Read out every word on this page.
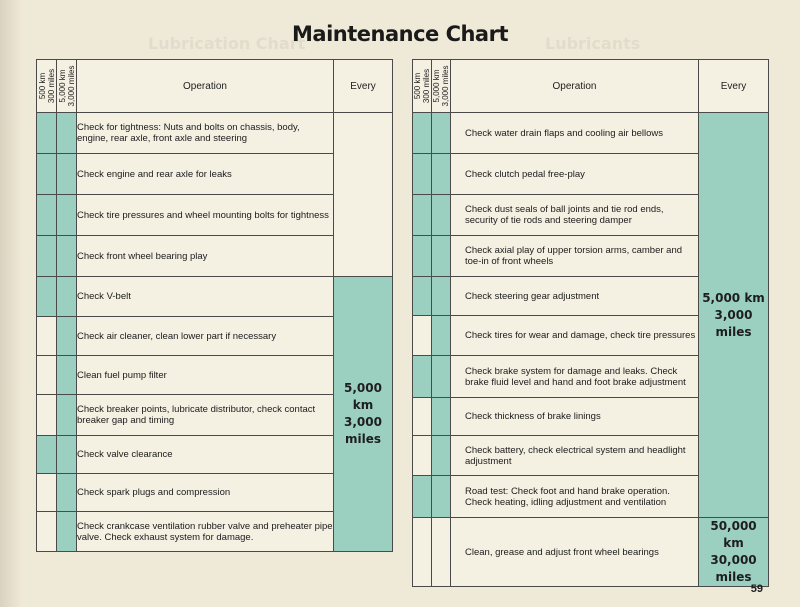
Lubrication Chart	Lubricants
Maintenance Chart
500 km
300 miles	5,000 km
3,000 miles	Operation	Every
		Check for tightness: Nuts and bolts on chassis, body, engine, rear axle, front axle and steering	
		Check engine and rear axle for leaks	
		Check tire pressures and wheel mounting bolts for tightness	
		Check front wheel bearing play	
		Check V-belt	5,000 km
3,000 miles

		Check air cleaner, clean lower part if necessary	
		Clean fuel pump filter	
		Check breaker points, lubricate distributor, check contact breaker gap and timing	
		Check valve clearance	
		Check spark plugs and compression	
		Check crankcase ventilation rubber valve and preheater pipe valve. Check exhaust system for damage.	
500 km
300 miles	5,000 km
3,000 miles	Operation	Every
		Check water drain flaps and cooling air bellows	5,000 km
3,000 miles

		Check clutch pedal free-play	
		Check dust seals of ball joints and tie rod ends, security of tie rods and steering damper	
		Check axial play of upper torsion arms, camber and toe-in of front wheels	
		Check steering gear adjustment	
		Check tires for wear and damage, check tire pressures	
		Check brake system for damage and leaks. Check brake fluid level and hand and foot brake adjustment	
		Check thickness of brake linings	
		Check battery, check electrical system and headlight adjustment	
		Road test: Check foot and hand brake operation. Check heating, idling adjustment and ventilation	
		Clean, grease and adjust front wheel bearings	50,000 km
30,000 miles
59
